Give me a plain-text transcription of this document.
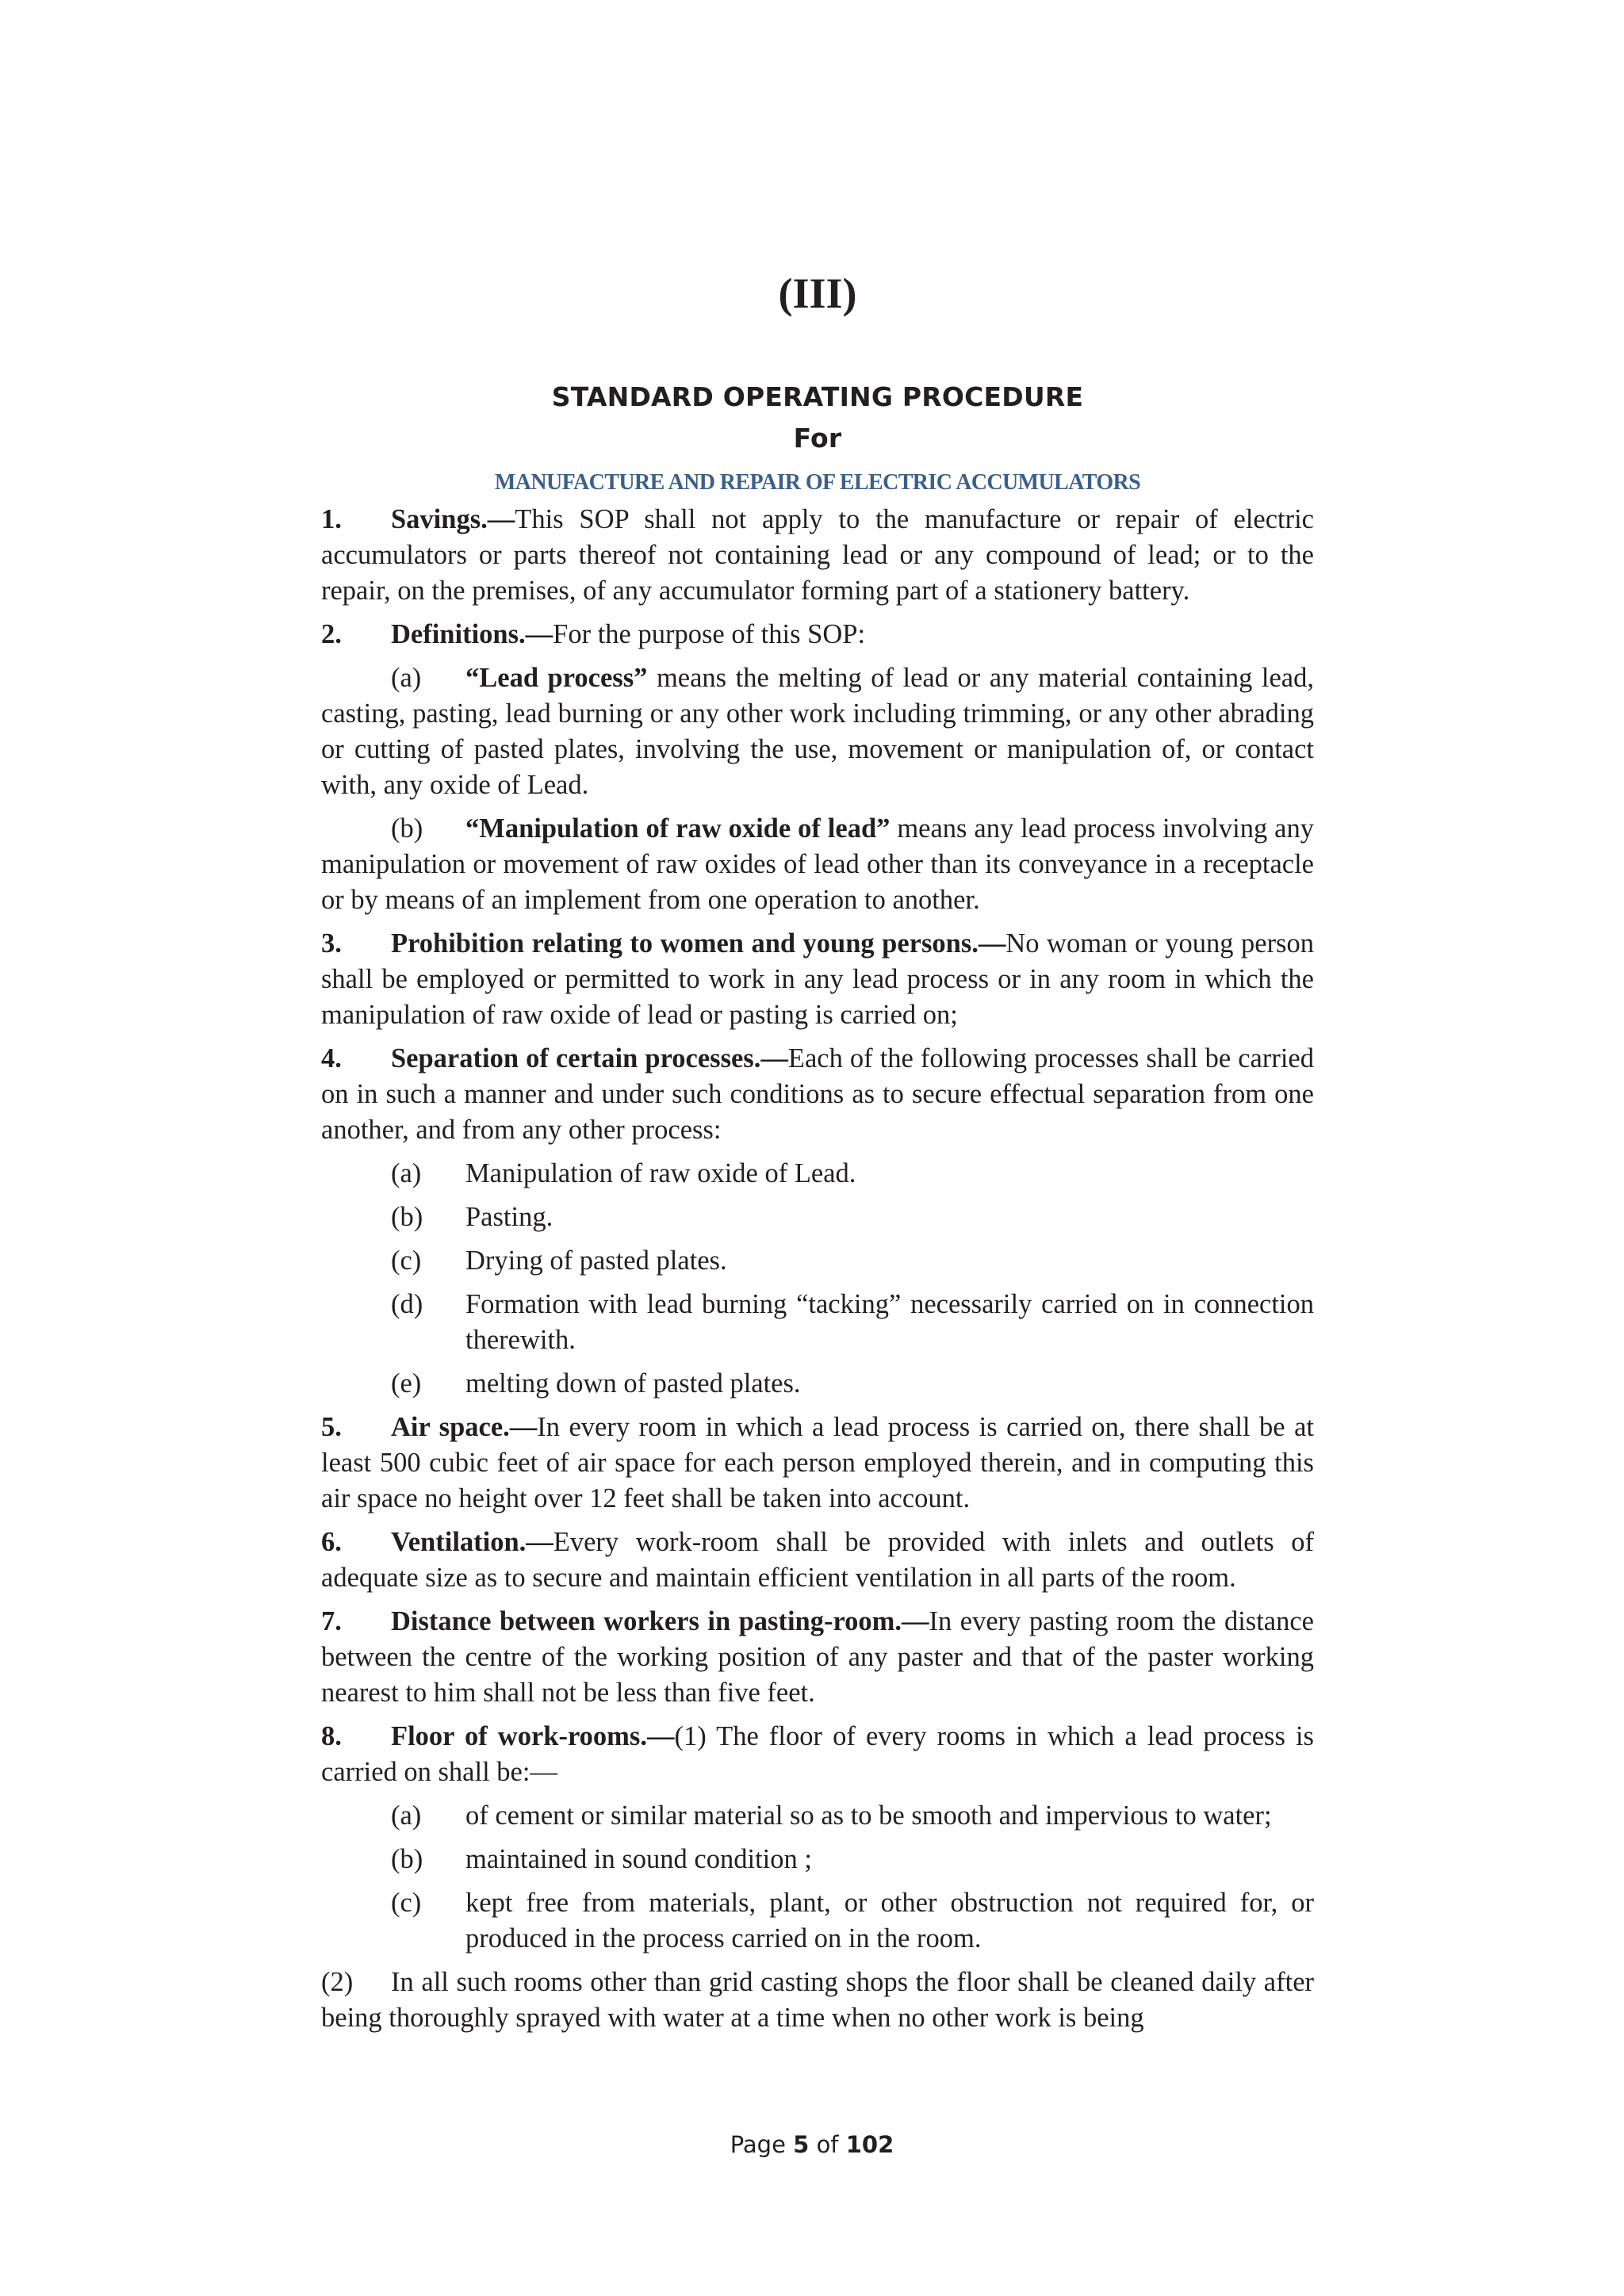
(III)
STANDARD OPERATING PROCEDURE
For
MANUFACTURE AND REPAIR OF ELECTRIC ACCUMULATORS

1. Savings.—This SOP shall not apply to the manufacture or repair of electric accumulators or parts thereof not containing lead or any compound of lead; or to the repair, on the premises, of any accumulator forming part of a stationery battery.

2. Definitions.—For the purpose of this SOP:

(a) “Lead process” means the melting of lead or any material containing lead, casting, pasting, lead burning or any other work including trimming, or any other abrading or cutting of pasted plates, involving the use, movement or manipulation of, or contact with, any oxide of Lead.

(b) “Manipulation of raw oxide of lead” means any lead process involving any manipulation or movement of raw oxides of lead other than its conveyance in a receptacle or by means of an implement from one operation to another.

3. Prohibition relating to women and young persons.—No woman or young person shall be employed or permitted to work in any lead process or in any room in which the manipulation of raw oxide of lead or pasting is carried on;

4. Separation of certain processes.—Each of the following processes shall be carried on in such a manner and under such conditions as to secure effectual separation from one another, and from any other process:

(a)	Manipulation of raw oxide of Lead.
(b)	Pasting.
(c)	Drying of pasted plates.
(d)	Formation with lead burning “tacking” necessarily carried on in connection therewith.
(e)	melting down of pasted plates.

5. Air space.—In every room in which a lead process is carried on, there shall be at least 500 cubic feet of air space for each person employed therein, and in computing this air space no height over 12 feet shall be taken into account.

6. Ventilation.—Every work-room shall be provided with inlets and outlets of adequate size as to secure and maintain efficient ventilation in all parts of the room.

7. Distance between workers in pasting-room.—In every pasting room the distance between the centre of the working position of any paster and that of the paster working nearest to him shall not be less than five feet.

8. Floor of work-rooms.—(1) The floor of every rooms in which a lead process is carried on shall be:—

(a)	of cement or similar material so as to be smooth and impervious to water;
(b)	maintained in sound condition ;
(c)	kept free from materials, plant, or other obstruction not required for, or produced in the process carried on in the room.

(2) In all such rooms other than grid casting shops the floor shall be cleaned daily after being thoroughly sprayed with water at a time when no other work is being

Page 5 of 102
